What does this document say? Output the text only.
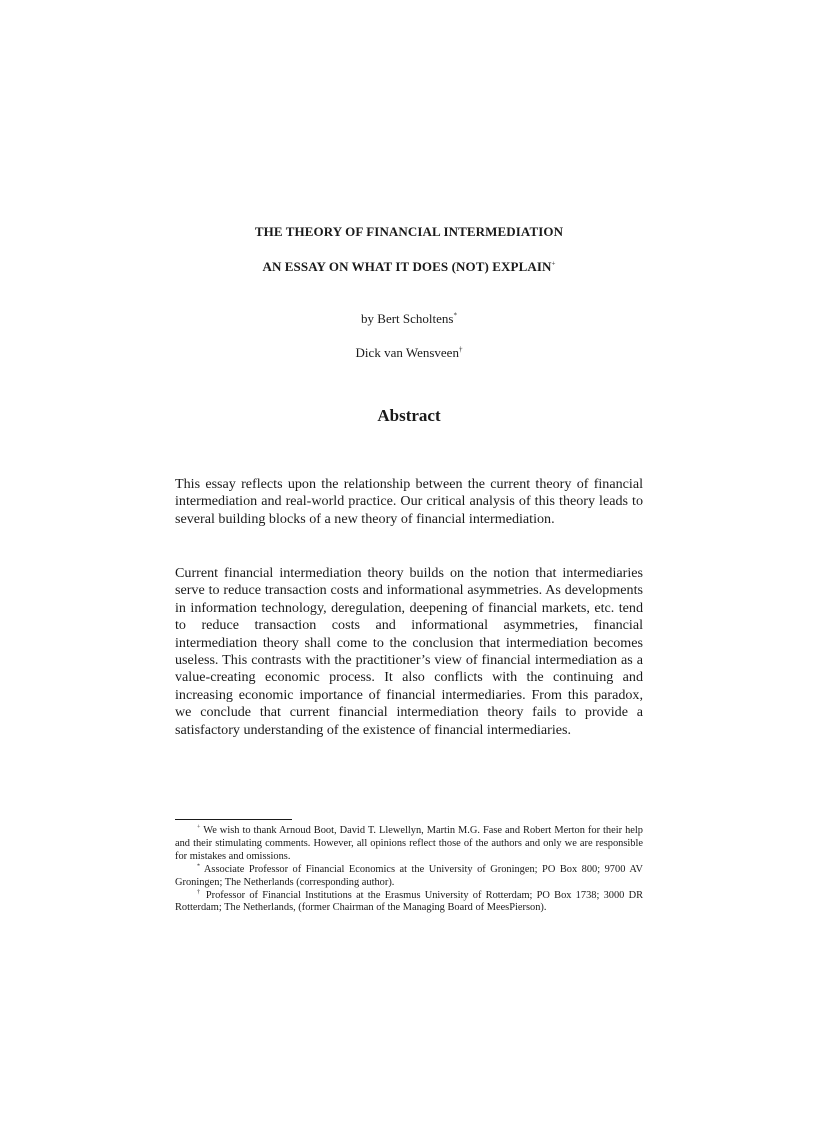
THE THEORY OF FINANCIAL INTERMEDIATION

AN ESSAY ON WHAT IT DOES (NOT) EXPLAIN+

by Bert Scholtens*

Dick van Wensveen†

Abstract

This essay reflects upon the relationship between the current theory of financial intermediation and real-world practice. Our critical analysis of this theory leads to several building blocks of a new theory of financial intermediation.

Current financial intermediation theory builds on the notion that intermediaries serve to reduce transaction costs and informational asymmetries. As developments in information technology, deregulation, deepening of financial markets, etc. tend to reduce transaction costs and informational asymmetries, financial intermediation theory shall come to the conclusion that intermediation becomes useless. This contrasts with the practitioner’s view of financial intermediation as a value-creating economic process. It also conflicts with the continuing and increasing economic importance of financial intermediaries. From this paradox, we conclude that current financial intermediation theory fails to provide a satisfactory understanding of the existence of financial intermediaries.

+ We wish to thank Arnoud Boot, David T. Llewellyn, Martin M.G. Fase and Robert Merton for their help and their stimulating comments. However, all opinions reflect those of the authors and only we are responsible for mistakes and omissions.

* Associate Professor of Financial Economics at the University of Groningen; PO Box 800; 9700 AV Groningen; The Netherlands (corresponding author).

† Professor of Financial Institutions at the Erasmus University of Rotterdam; PO Box 1738; 3000 DR Rotterdam; The Netherlands, (former Chairman of the Managing Board of MeesPierson).
